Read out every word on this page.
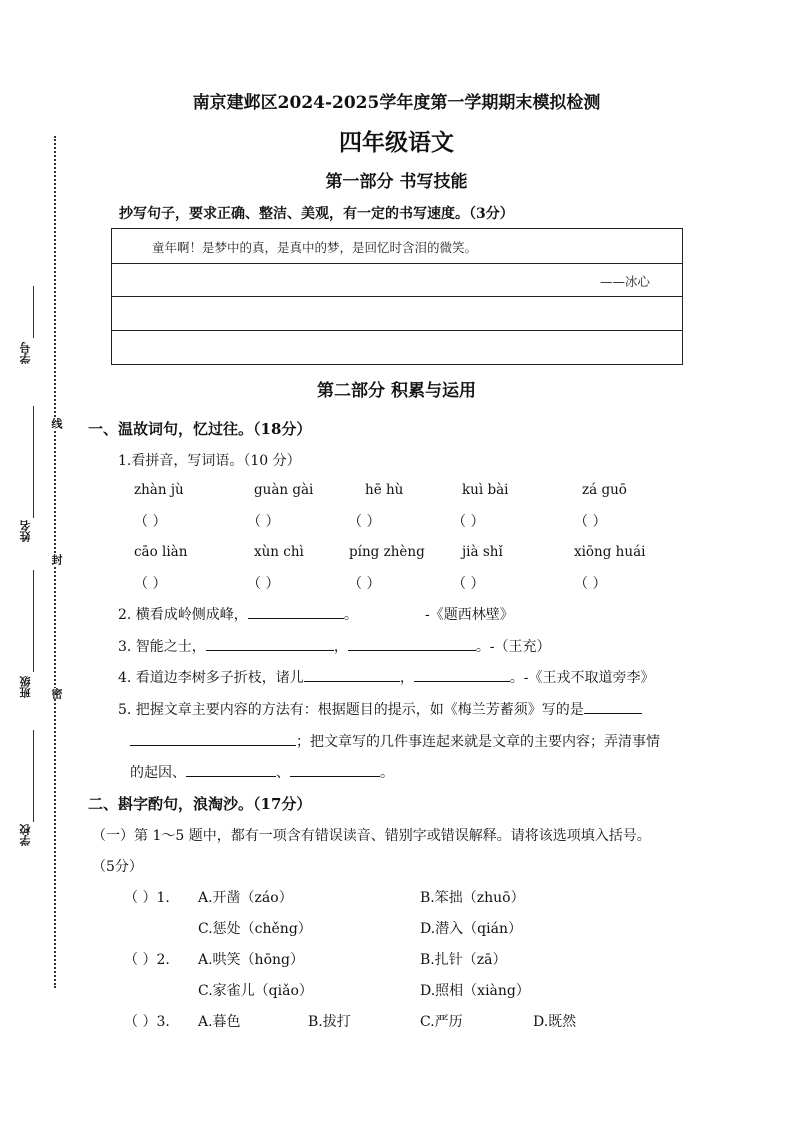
学号
姓名
班级
学校
线
封
密
南京建邺区2024-2025学年度第一学期期末模拟检测
四年级语文
第一部分 书写技能
抄写句子，要求正确、整洁、美观，有一定的书写速度。（3分）
童年啊！是梦中的真，是真中的梦，是回忆时含泪的微笑。
——冰心
第二部分 积累与运用
一、温故词句，忆过往。（18分）
1.看拼音，写词语。（10 分）
zhàn jù	guàn gài	hē hù	kuì bài	zá guō
（ ）	（ ）	（ ）	（ ）	（ ）
cāo liàn	xùn chì	píng zhèng	jià shǐ	xiōng huái
（ ）	（ ）	（ ）	（ ）	（ ）
2. 横看成岭侧成峰，	。	-《题西林壁》
3. 智能之士，	，	。-（王充）
4. 看道边李树多子折枝，诸儿	，	。-《王戎不取道旁李》
5. 把握文章主要内容的方法有：根据题目的提示，如《梅兰芳蓄须》写的是
；把文章写的几件事连起来就是文章的主要内容；弄清事情
的起因、	、	。
二、斟字酌句，浪淘沙。（17分）
（一）第 1～5 题中，都有一项含有错误读音、错别字或错误解释。请将该选项填入括号。
（5分）
（ ）1. A.开凿（záo）	B.笨拙（zhuō）
C.惩处（chěng）	D.潜入（qián）
（ ）2. A.哄笑（hōng）	B.扎针（zā）
C.家雀儿（qiǎo）	D.照相（xiàng）
（ ）3. A.暮色	B.拔打	C.严历	D.既然
